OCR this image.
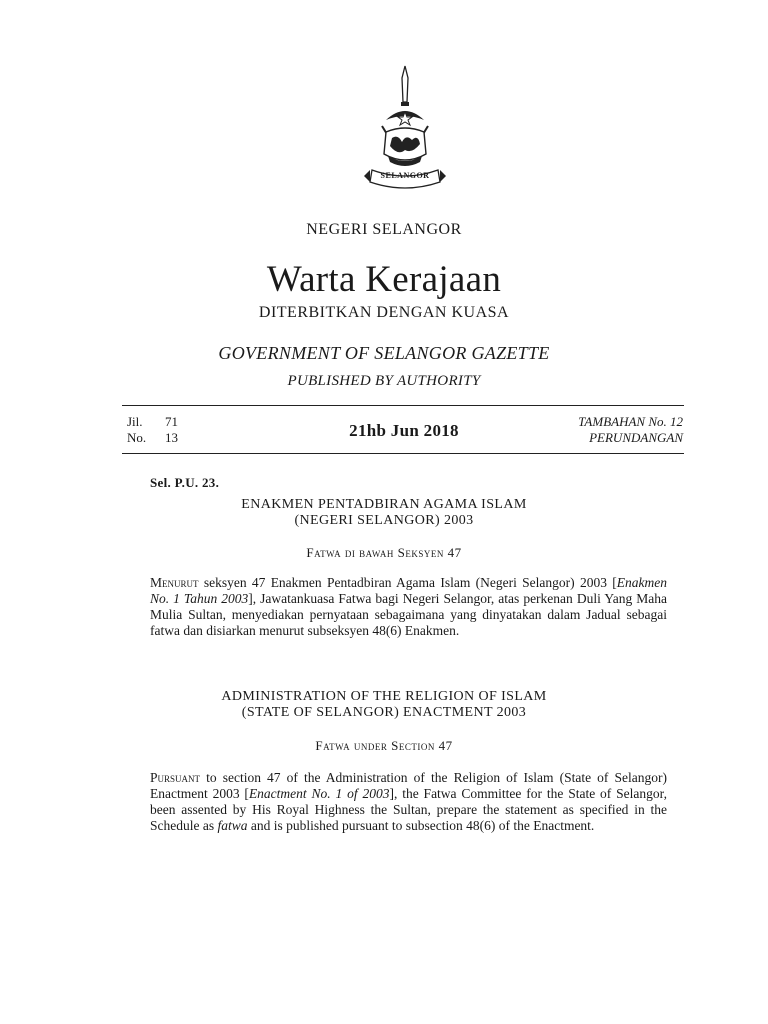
SELANGOR
NEGERI SELANGOR
Warta Kerajaan
DITERBITKAN DENGAN KUASA
GOVERNMENT OF SELANGOR GAZETTE
PUBLISHED BY AUTHORITY
Jil. 71
No. 13	21hb Jun 2018	TAMBAHAN No. 12
PERUNDANGAN
Sel. P.U. 23.
ENAKMEN PENTADBIRAN AGAMA ISLAM
(NEGERI SELANGOR) 2003
Fatwa di bawah Seksyen 47
Menurut seksyen 47 Enakmen Pentadbiran Agama Islam (Negeri Selangor) 2003 [Enakmen No. 1 Tahun 2003], Jawatankuasa Fatwa bagi Negeri Selangor, atas perkenan Duli Yang Maha Mulia Sultan, menyediakan pernyataan sebagaimana yang dinyatakan dalam Jadual sebagai fatwa dan disiarkan menurut subseksyen 48(6) Enakmen.
ADMINISTRATION OF THE RELIGION OF ISLAM
(STATE OF SELANGOR) ENACTMENT 2003
Fatwa under Section 47
Pursuant to section 47 of the Administration of the Religion of Islam (State of Selangor) Enactment 2003 [Enactment No. 1 of 2003], the Fatwa Committee for the State of Selangor, been assented by His Royal Highness the Sultan, prepare the statement as specified in the Schedule as fatwa and is published pursuant to subsection 48(6) of the Enactment.
